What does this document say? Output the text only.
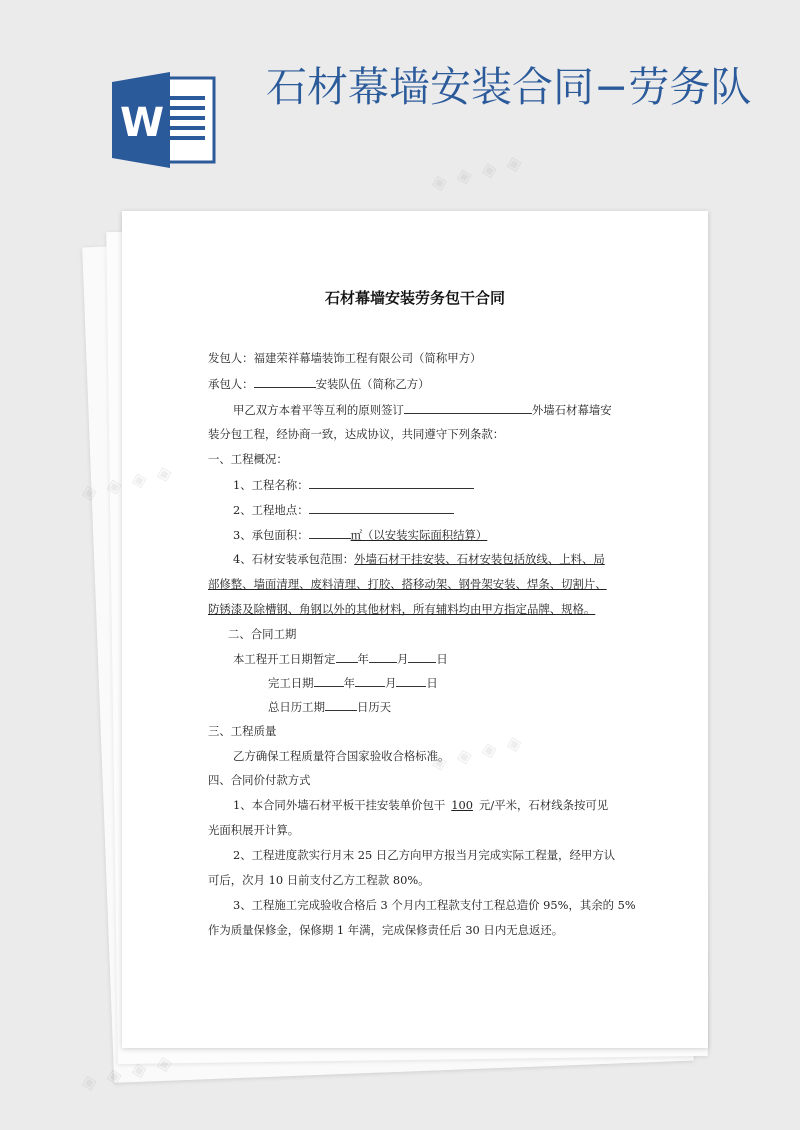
W
石材幕墙安装合同−劳务队
石材幕墙安装劳务包干合同
发包人：福建荣祥幕墙装饰工程有限公司（简称甲方）
承包人：	安装队伍（简称乙方）
甲乙双方本着平等互利的原则签订	外墙石材幕墙安
装分包工程，经协商一致，达成协议，共同遵守下列条款：
一、工程概况：
1、工程名称：
2、工程地点：
3、承包面积：	㎡（以安装实际面积结算）
4、石材安装承包范围：外墙石材干挂安装、石材安装包括放线、上料、局
部修整、墙面清理、废料清理、打胶、搭移动架、钢骨架安装、焊条、切割片、
防锈漆及除槽钢、角钢以外的其他材料，所有辅料均由甲方指定品牌、规格。
二、合同工期
本工程开工日期暂定 年 月 日
完工日期	年	月	日
总日历工期	日历天
三、工程质量
乙方确保工程质量符合国家验收合格标准。
四、合同价付款方式
1、本合同外墙石材平板干挂安装单价包干 100 元/平米，石材线条按可见
光面积展开计算。
2、工程进度款实行月末 25 日乙方向甲方报当月完成实际工程量，经甲方认
可后，次月 10 日前支付乙方工程款 80%。
3、工程施工完成验收合格后 3 个月内工程款支付工程总造价 95%，其余的 5%
作为质量保修金，保修期 1 年满，完成保修责任后 30 日内无息返还。
◈ ◈ ◈ ◈
◈
◈
